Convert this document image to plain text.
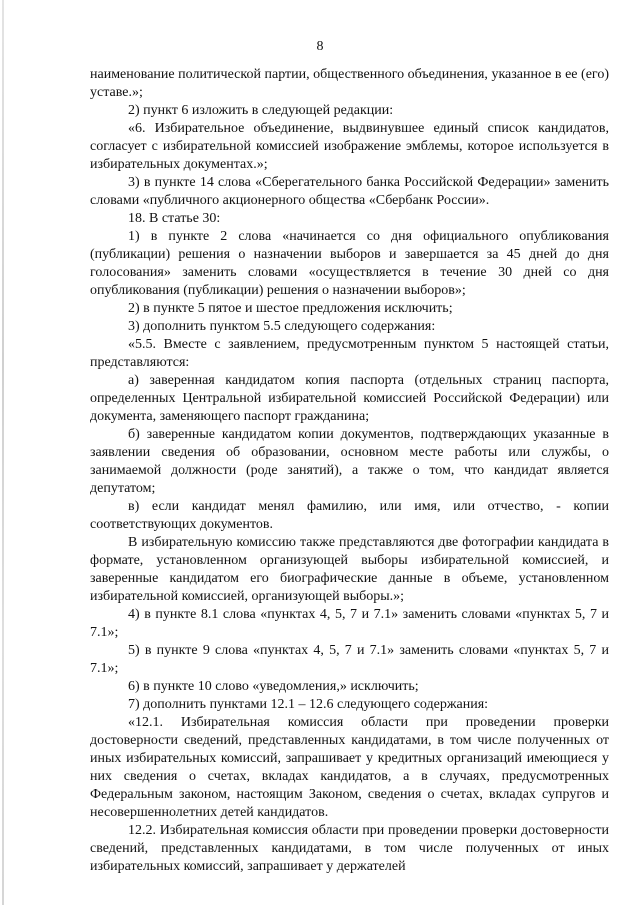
8

наименование политической партии, общественного объединения, указанное в ее (его) уставе.»;

2) пункт 6 изложить в следующей редакции:

«6. Избирательное объединение, выдвинувшее единый список кандидатов, согласует с избирательной комиссией изображение эмблемы, которое используется в избирательных документах.»;

3) в пункте 14 слова «Сберегательного банка Российской Федерации» заменить словами «публичного акционерного общества «Сбербанк России».

18. В статье 30:

1) в пункте 2 слова «начинается со дня официального опубликования (публикации) решения о назначении выборов и завершается за 45 дней до дня голосования» заменить словами «осуществляется в течение 30 дней со дня опубликования (публикации) решения о назначении выборов»;

2) в пункте 5 пятое и шестое предложения исключить;

3) дополнить пунктом 5.5 следующего содержания:

«5.5. Вместе с заявлением, предусмотренным пунктом 5 настоящей статьи, представляются:

а) заверенная кандидатом копия паспорта (отдельных страниц паспорта, определенных Центральной избирательной комиссией Российской Федерации) или документа, заменяющего паспорт гражданина;

б) заверенные кандидатом копии документов, подтверждающих указанные в заявлении сведения об образовании, основном месте работы или службы, о занимаемой должности (роде занятий), а также о том, что кандидат является депутатом;

в) если кандидат менял фамилию, или имя, или отчество, - копии соответствующих документов.

В избирательную комиссию также представляются две фотографии кандидата в формате, установленном организующей выборы избирательной комиссией, и заверенные кандидатом его биографические данные в объеме, установленном избирательной комиссией, организующей выборы.»;

4) в пункте 8.1 слова «пунктах 4, 5, 7 и 7.1» заменить словами «пунктах 5, 7 и 7.1»;

5) в пункте 9 слова «пунктах 4, 5, 7 и 7.1» заменить словами «пунктах 5, 7 и 7.1»;

6) в пункте 10 слово «уведомления,» исключить;

7) дополнить пунктами 12.1 – 12.6 следующего содержания:

«12.1. Избирательная комиссия области при проведении проверки достоверности сведений, представленных кандидатами, в том числе полученных от иных избирательных комиссий, запрашивает у кредитных организаций имеющиеся у них сведения о счетах, вкладах кандидатов, а в случаях, предусмотренных Федеральным законом, настоящим Законом, сведения о счетах, вкладах супругов и несовершеннолетних детей кандидатов.

12.2. Избирательная комиссия области при проведении проверки достоверности сведений, представленных кандидатами, в том числе полученных от иных избирательных комиссий, запрашивает у держателей
